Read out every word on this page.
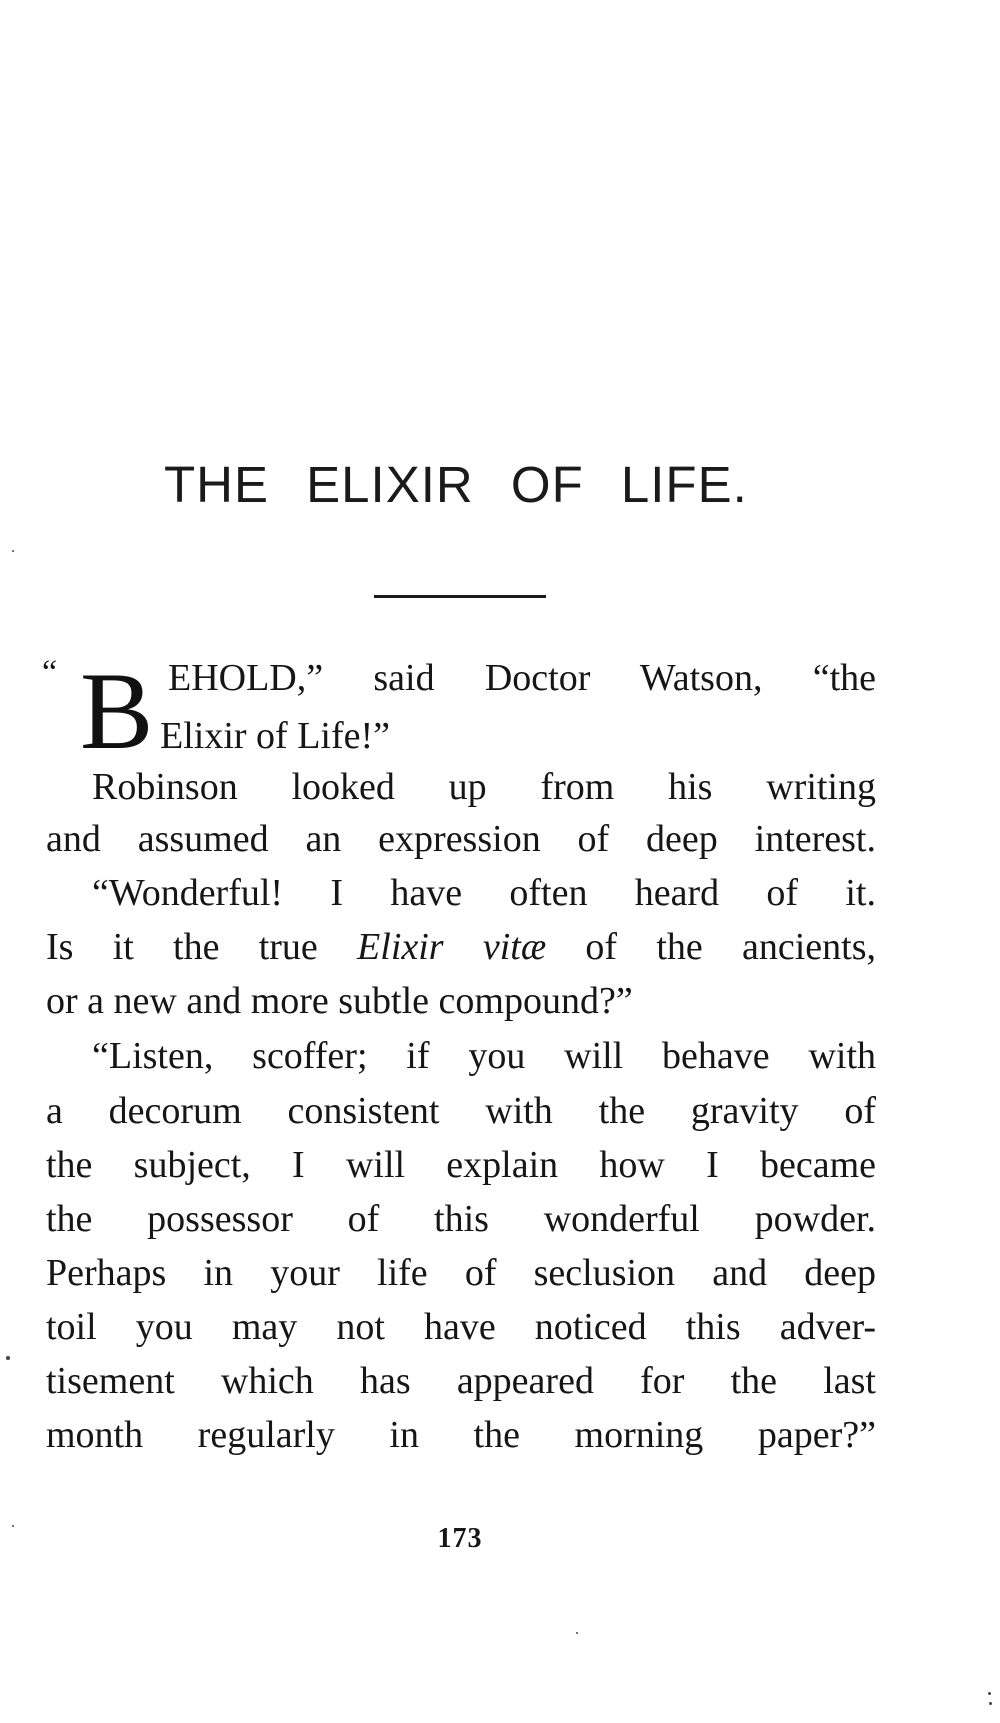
THE ELIXIR OF LIFE.
“ B EHOLD,” said Doctor Watson, “the
Elixir of Life!”
Robinson looked up from his writing
and assumed an expression of deep interest.
“Wonderful! I have often heard of it.
Is it the true Elixir vitæ of the ancients,
or a new and more subtle compound?”
“Listen, scoffer; if you will behave with
a decorum consistent with the gravity of
the subject, I will explain how I became
the possessor of this wonderful powder.
Perhaps in your life of seclusion and deep
toil you may not have noticed this adver-
tisement which has appeared for the last
month regularly in the morning paper?”
173
